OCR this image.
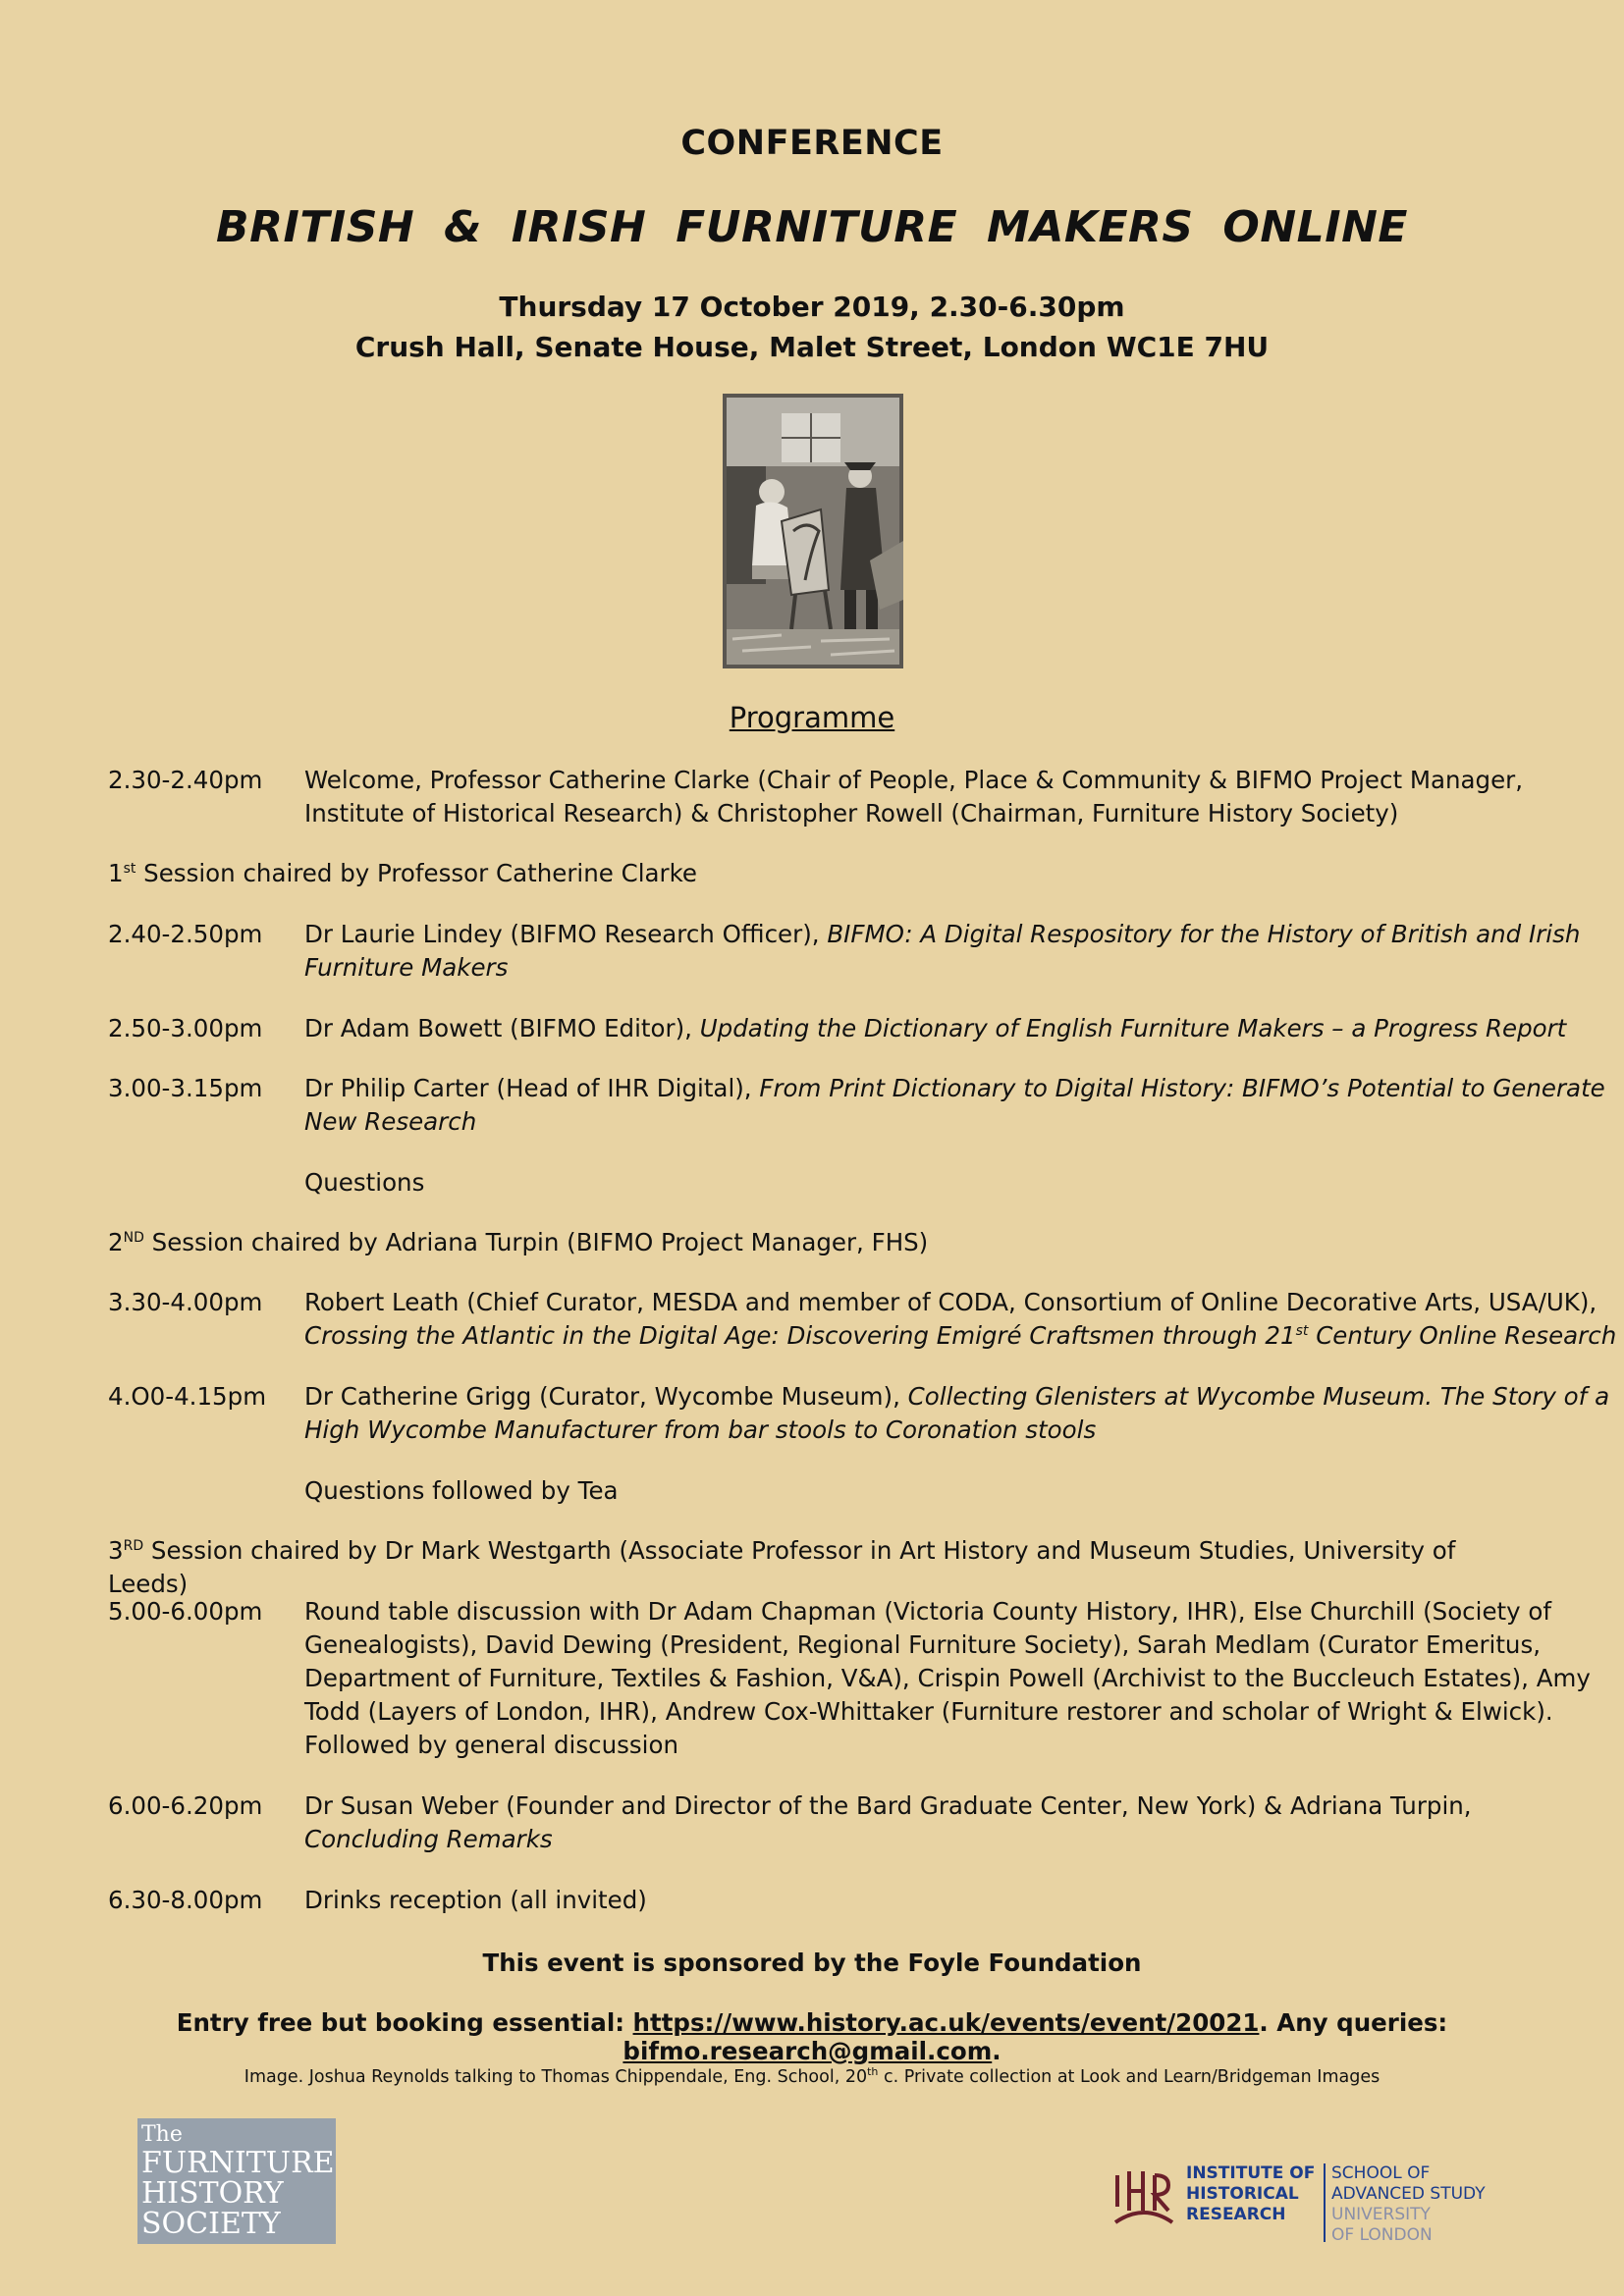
CONFERENCE
BRITISH & IRISH FURNITURE MAKERS ONLINE
Thursday 17 October 2019, 2.30-6.30pm
Crush Hall, Senate House, Malet Street, London WC1E 7HU
Programme
2.30-2.40pm	Welcome, Professor Catherine Clarke (Chair of People, Place & Community & BIFMO Project Manager,
Institute of Historical Research) & Christopher Rowell (Chairman, Furniture History Society)
1st Session chaired by Professor Catherine Clarke
2.40-2.50pm	Dr Laurie Lindey (BIFMO Research Officer), BIFMO: A Digital Respository for the History of British and Irish
Furniture Makers
2.50-3.00pm	Dr Adam Bowett (BIFMO Editor), Updating the Dictionary of English Furniture Makers – a Progress Report
3.00-3.15pm	Dr Philip Carter (Head of IHR Digital), From Print Dictionary to Digital History: BIFMO’s Potential to Generate
New Research
Questions
2ND Session chaired by Adriana Turpin (BIFMO Project Manager, FHS)
3.30-4.00pm	Robert Leath (Chief Curator, MESDA and member of CODA, Consortium of Online Decorative Arts, USA/UK),
Crossing the Atlantic in the Digital Age: Discovering Emigré Craftsmen through 21st Century Online Research
4.O0-4.15pm	Dr Catherine Grigg (Curator, Wycombe Museum), Collecting Glenisters at Wycombe Museum. The Story of a
High Wycombe Manufacturer from bar stools to Coronation stools
Questions followed by Tea
3RD Session chaired by Dr Mark Westgarth (Associate Professor in Art History and Museum Studies, University of Leeds)
5.00-6.00pm	Round table discussion with Dr Adam Chapman (Victoria County History, IHR), Else Churchill (Society of
Genealogists), David Dewing (President, Regional Furniture Society), Sarah Medlam (Curator Emeritus,
Department of Furniture, Textiles & Fashion, V&A), Crispin Powell (Archivist to the Buccleuch Estates), Amy
Todd (Layers of London, IHR), Andrew Cox-Whittaker (Furniture restorer and scholar of Wright & Elwick).
Followed by general discussion
6.00-6.20pm	Dr Susan Weber (Founder and Director of the Bard Graduate Center, New York) & Adriana Turpin,
Concluding Remarks
6.30-8.00pm	Drinks reception (all invited)
This event is sponsored by the Foyle Foundation
Entry free but booking essential: https://www.history.ac.uk/events/event/20021. Any queries: bifmo.research@gmail.com.
Image. Joshua Reynolds talking to Thomas Chippendale, Eng. School, 20th c. Private collection at Look and Learn/Bridgeman Images
The
FURNITURE
HISTORY
SOCIETY
INSTITUTE OF
HISTORICAL
RESEARCH
SCHOOL OF
ADVANCED STUDY
UNIVERSITY
OF LONDON
